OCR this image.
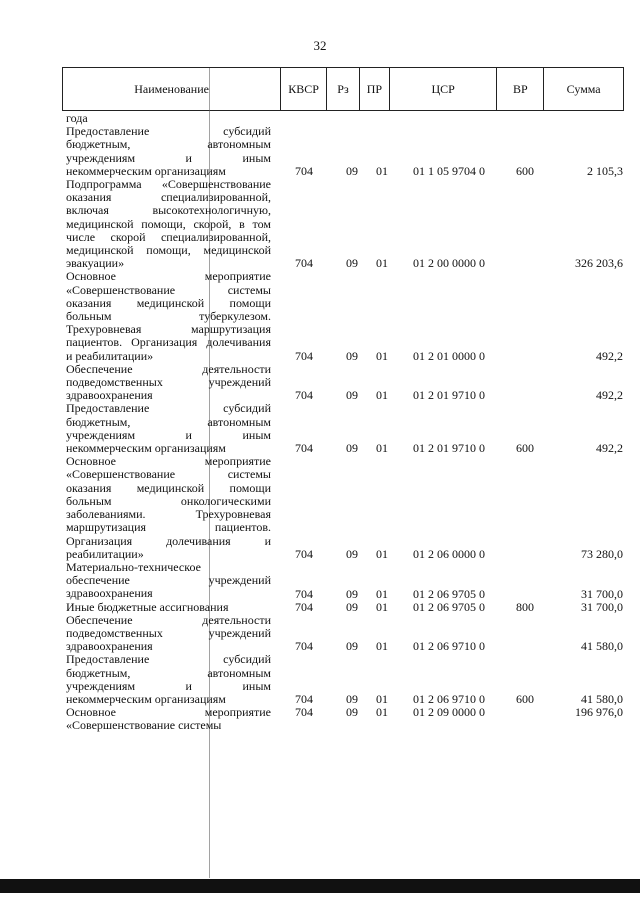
32
Наименование	КВСР	Рз	ПР	ЦСР	ВР	Сумма
года
Предоставление субсидий
бюджетным, автономным
учреждениям и иным
некоммерческим организациям	704	09	01	01 1 05 9704 0	600	2 105,3
Подпрограмма «Совершенствование
оказания специализированной,
включая высокотехнологичную,
медицинской помощи, скорой, в том
числе скорой специализированной,
медицинской помощи, медицинской
эвакуации»	704	09	01	01 2 00 0000 0	326 203,6
Основное мероприятие
«Совершенствование системы
оказания медицинской помощи
больным туберкулезом.
Трехуровневая маршрутизация
пациентов. Организация долечивания
и реабилитации»	704	09	01	01 2 01 0000 0	492,2
Обеспечение деятельности
подведомственных учреждений
здравоохранения	704	09	01	01 2 01 9710 0	492,2
Предоставление субсидий
бюджетным, автономным
учреждениям и иным
некоммерческим организациям	704	09	01	01 2 01 9710 0	600	492,2
Основное мероприятие
«Совершенствование системы
оказания медицинской помощи
больным онкологическими
заболеваниями. Трехуровневая
маршрутизация пациентов.
Организация долечивания и
реабилитации»	704	09	01	01 2 06 0000 0	73 280,0
Материально-техническое
обеспечение учреждений
здравоохранения	704	09	01	01 2 06 9705 0	31 700,0
Иные бюджетные ассигнования	704	09	01	01 2 06 9705 0	800	31 700,0
Обеспечение деятельности
подведомственных учреждений
здравоохранения	704	09	01	01 2 06 9710 0	41 580,0
Предоставление субсидий
бюджетным, автономным
учреждениям и иным
некоммерческим организациям	704	09	01	01 2 06 9710 0	600	41 580,0
Основное мероприятие
«Совершенствование системы
704	09	01	01 2 09 0000 0	196 976,0
